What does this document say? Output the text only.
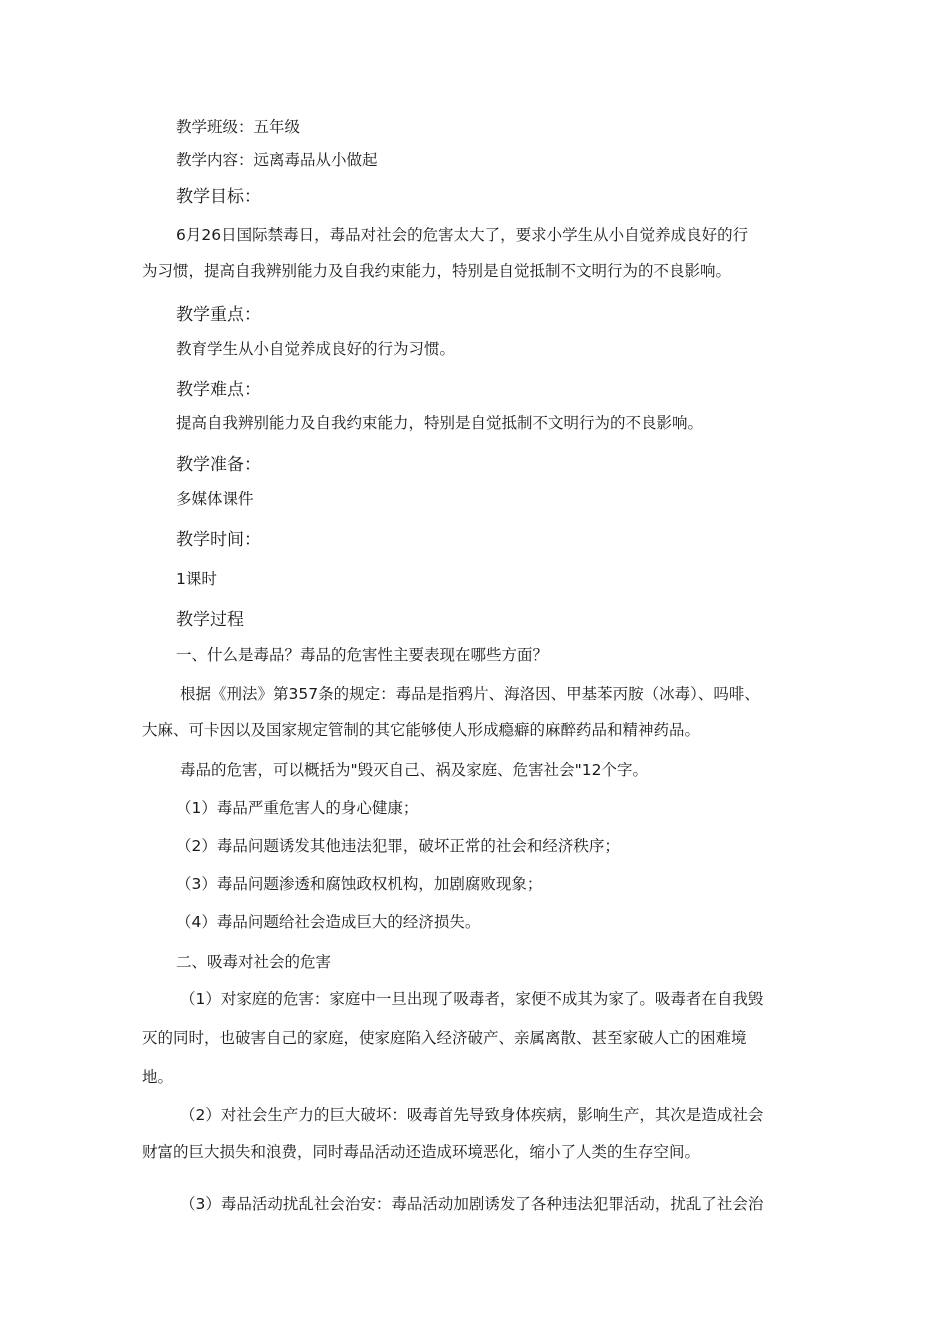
教学班级：五年级
教学内容：远离毒品从小做起
教学目标：
6月26日国际禁毒日，毒品对社会的危害太大了，要求小学生从小自觉养成良好的行
为习惯，提高自我辨别能力及自我约束能力，特别是自觉抵制不文明行为的不良影响。
教学重点：
教育学生从小自觉养成良好的行为习惯。
教学难点：
提高自我辨别能力及自我约束能力，特别是自觉抵制不文明行为的不良影响。
教学准备：
多媒体课件
教学时间：
1课时
教学过程
一、什么是毒品？毒品的危害性主要表现在哪些方面？
根据《刑法》第357条的规定：毒品是指鸦片、海洛因、甲基苯丙胺（冰毒）、吗啡、
大麻、可卡因以及国家规定管制的其它能够使人形成瘾癖的麻醉药品和精神药品。
毒品的危害，可以概括为"毁灭自己、祸及家庭、危害社会"12个字。
（1）毒品严重危害人的身心健康；
（2）毒品问题诱发其他违法犯罪，破坏正常的社会和经济秩序；
（3）毒品问题渗透和腐蚀政权机构，加剧腐败现象；
（4）毒品问题给社会造成巨大的经济损失。
二、吸毒对社会的危害
（1）对家庭的危害：家庭中一旦出现了吸毒者，家便不成其为家了。吸毒者在自我毁
灭的同时，也破害自己的家庭，使家庭陷入经济破产、亲属离散、甚至家破人亡的困难境
地。
（2）对社会生产力的巨大破坏：吸毒首先导致身体疾病，影响生产，其次是造成社会
财富的巨大损失和浪费，同时毒品活动还造成环境恶化，缩小了人类的生存空间。
（3）毒品活动扰乱社会治安：毒品活动加剧诱发了各种违法犯罪活动，扰乱了社会治
